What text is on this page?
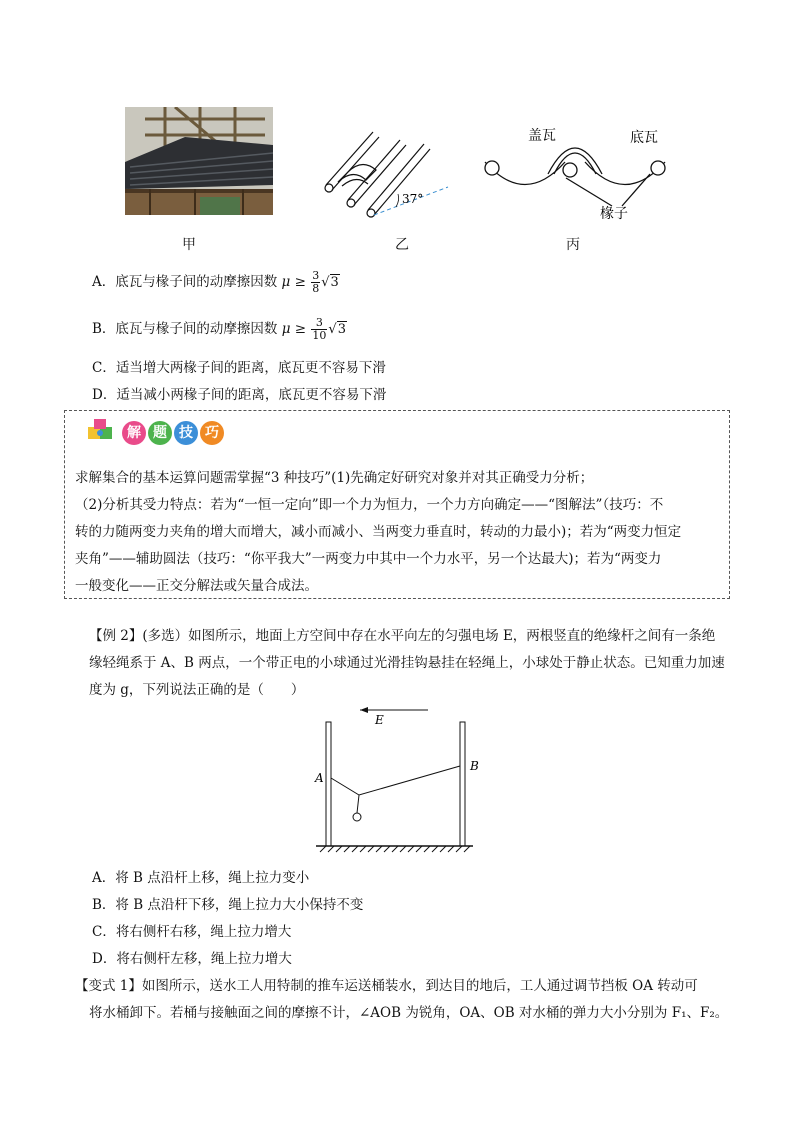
甲
37°
乙
盖瓦	底瓦
椽子
丙
A．底瓦与椽子间的动摩擦因数 $\mu \ge \frac{3}{8} √3$
B．底瓦与椽子间的动摩擦因数 $\mu \ge \frac{3}{10} √3$
C．适当增大两椽子间的距离，底瓦更不容易下滑
D．适当减小两椽子间的距离，底瓦更不容易下滑
解 题 技 巧
求解集合的基本运算问题需掌握“3 种技巧”(1)先确定好研究对象并对其正确受力分析；
（2)分析其受力特点：若为“一恒一定向”即一个力为恒力，一个力方向确定——“图解法”（技巧：不
转的力随两变力夹角的增大而增大，减小而减小、当两变力垂直时，转动的力最小)；若为“两变力恒定
夹角”——辅助圆法（技巧：“你平我大”一两变力中其中一个力水平，另一个达最大)；若为“两变力
一般变化——正交分解法或矢量合成法。
【例 2】(多选）如图所示，地面上方空间中存在水平向左的匀强电场 E，两根竖直的绝缘杆之间有一条绝
缘轻绳系于 A、B 两点，一个带正电的小球通过光滑挂钩悬挂在轻绳上，小球处于静止状态。已知重力加速
度为 g，下列说法正确的是（　　）
E
A
B
A．将 B 点沿杆上移，绳上拉力变小
B．将 B 点沿杆下移，绳上拉力大小保持不变
C．将右侧杆右移，绳上拉力增大
D．将右侧杆左移，绳上拉力增大
【变式 1】如图所示，送水工人用特制的推车运送桶装水，到达目的地后，工人通过调节挡板 OA 转动可
将水桶卸下。若桶与接触面之间的摩擦不计，∠AOB 为锐角，OA、OB 对水桶的弹力大小分别为 F₁、F₂。
